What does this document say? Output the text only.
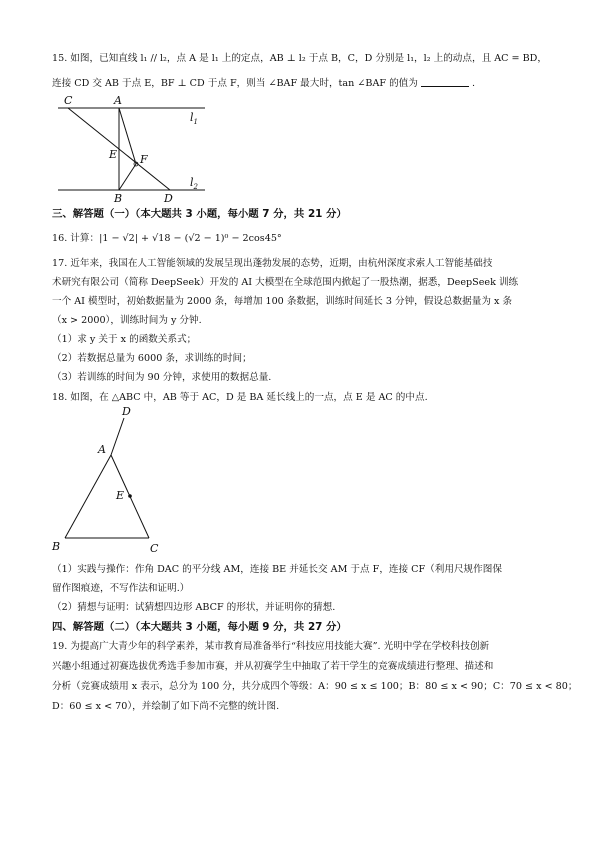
15. 如图，已知直线 l₁ // l₂，点 A 是 l₁ 上的定点，AB ⊥ l₂ 于点 B，C，D 分别是 l₁，l₂ 上的动点，且 AC = BD，
连接 CD 交 AB 于点 E，BF ⊥ CD 于点 F，则当 ∠BAF 最大时，tan ∠BAF 的值为	.
C	A
$l_1$
E F
$l_2$
B	D
三、解答题（一）（本大题共 3 小题，每小题 7 分，共 21 分）
16. 计算：|1 − √2| + √18 − (√2 − 1)⁰ − 2cos45°
17. 近年来，我国在人工智能领域的发展呈现出蓬勃发展的态势，近期，由杭州深度求索人工智能基础技
术研究有限公司（简称 DeepSeek）开发的 AI 大模型在全球范围内掀起了一股热潮，据悉，DeepSeek 训练
一个 AI 模型时，初始数据量为 2000 条，每增加 100 条数据，训练时间延长 3 分钟，假设总数据量为 x 条
（x > 2000），训练时间为 y 分钟.
（1）求 y 关于 x 的函数关系式；
（2）若数据总量为 6000 条，求训练的时间；
（3）若训练的时间为 90 分钟，求使用的数据总量.
18. 如图，在 △ABC 中，AB 等于 AC，D 是 BA 延长线上的一点，点 E 是 AC 的中点.
D
A
E
B	C
（1）实践与操作：作角 DAC 的平分线 AM，连接 BE 并延长交 AM 于点 F，连接 CF（利用尺规作图保
留作图痕迹，不写作法和证明.）
（2）猜想与证明：试猜想四边形 ABCF 的形状，并证明你的猜想.
四、解答题（二）（本大题共 3 小题，每小题 9 分，共 27 分）
19. 为提高广大青少年的科学素养，某市教育局准备举行“科技应用技能大赛”. 光明中学在学校科技创新
兴趣小组通过初赛选拔优秀选手参加市赛，并从初赛学生中抽取了若干学生的竞赛成绩进行整理、描述和
分析（竞赛成绩用 x 表示，总分为 100 分，共分成四个等级：A：90 ≤ x ≤ 100；B：80 ≤ x < 90；C：70 ≤ x < 80；
D：60 ≤ x < 70），并绘制了如下尚不完整的统计图.
